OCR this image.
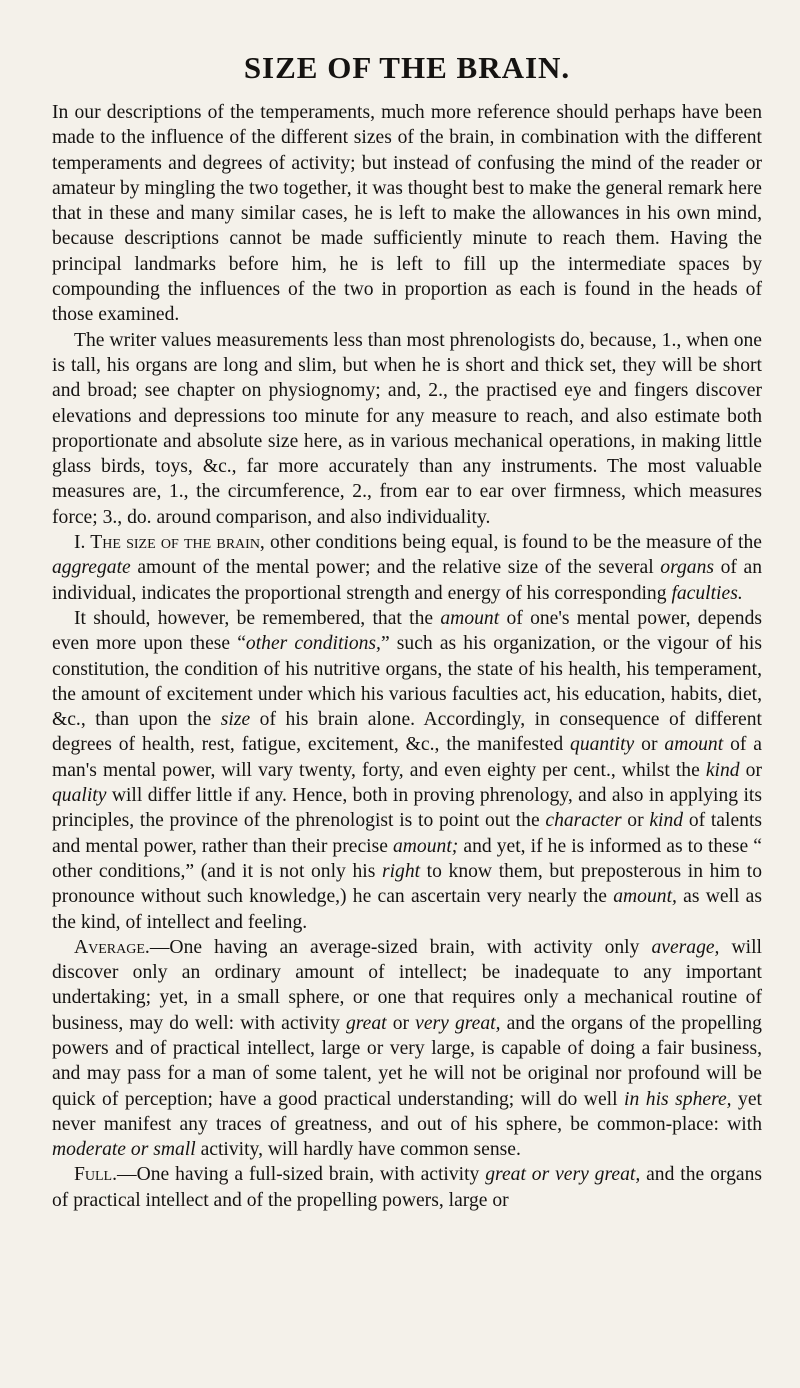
SIZE OF THE BRAIN.

In our descriptions of the temperaments, much more reference should perhaps have been made to the influence of the different sizes of the brain, in combination with the different temperaments and degrees of activity; but instead of confusing the mind of the reader or amateur by mingling the two together, it was thought best to make the general remark here that in these and many similar cases, he is left to make the allowances in his own mind, because descriptions cannot be made sufficiently minute to reach them. Having the principal landmarks before him, he is left to fill up the intermediate spaces by compounding the influences of the two in proportion as each is found in the heads of those examined.

The writer values measurements less than most phrenologists do, because, 1., when one is tall, his organs are long and slim, but when he is short and thick set, they will be short and broad; see chapter on physiognomy; and, 2., the practised eye and fingers discover elevations and depressions too minute for any measure to reach, and also estimate both proportionate and absolute size here, as in various mechanical operations, in making little glass birds, toys, &c., far more accurately than any instruments. The most valuable measures are, 1., the circumference, 2., from ear to ear over firmness, which measures force; 3., do. around comparison, and also individuality.

I. The size of the brain, other conditions being equal, is found to be the measure of the aggregate amount of the mental power; and the relative size of the several organs of an individual, indicates the proportional strength and energy of his corresponding faculties.

It should, however, be remembered, that the amount of one's mental power, depends even more upon these “other conditions,” such as his organization, or the vigour of his constitution, the condition of his nutritive organs, the state of his health, his temperament, the amount of excitement under which his various faculties act, his education, habits, diet, &c., than upon the size of his brain alone. Accordingly, in consequence of different degrees of health, rest, fatigue, excitement, &c., the manifested quantity or amount of a man's mental power, will vary twenty, forty, and even eighty per cent., whilst the kind or quality will differ little if any. Hence, both in proving phrenology, and also in applying its principles, the province of the phrenologist is to point out the character or kind of talents and mental power, rather than their precise amount; and yet, if he is informed as to these “ other conditions,” (and it is not only his right to know them, but preposterous in him to pronounce without such knowledge,) he can ascertain very nearly the amount, as well as the kind, of intellect and feeling.

Average.—One having an average-sized brain, with activity only average, will discover only an ordinary amount of intellect; be inadequate to any important undertaking; yet, in a small sphere, or one that requires only a mechanical routine of business, may do well: with activity great or very great, and the organs of the propelling powers and of practical intellect, large or very large, is capable of doing a fair business, and may pass for a man of some talent, yet he will not be original nor profound will be quick of perception; have a good practical understanding; will do well in his sphere, yet never manifest any traces of greatness, and out of his sphere, be common-place: with moderate or small activity, will hardly have common sense.

Full.—One having a full-sized brain, with activity great or very great, and the organs of practical intellect and of the propelling powers, large or
